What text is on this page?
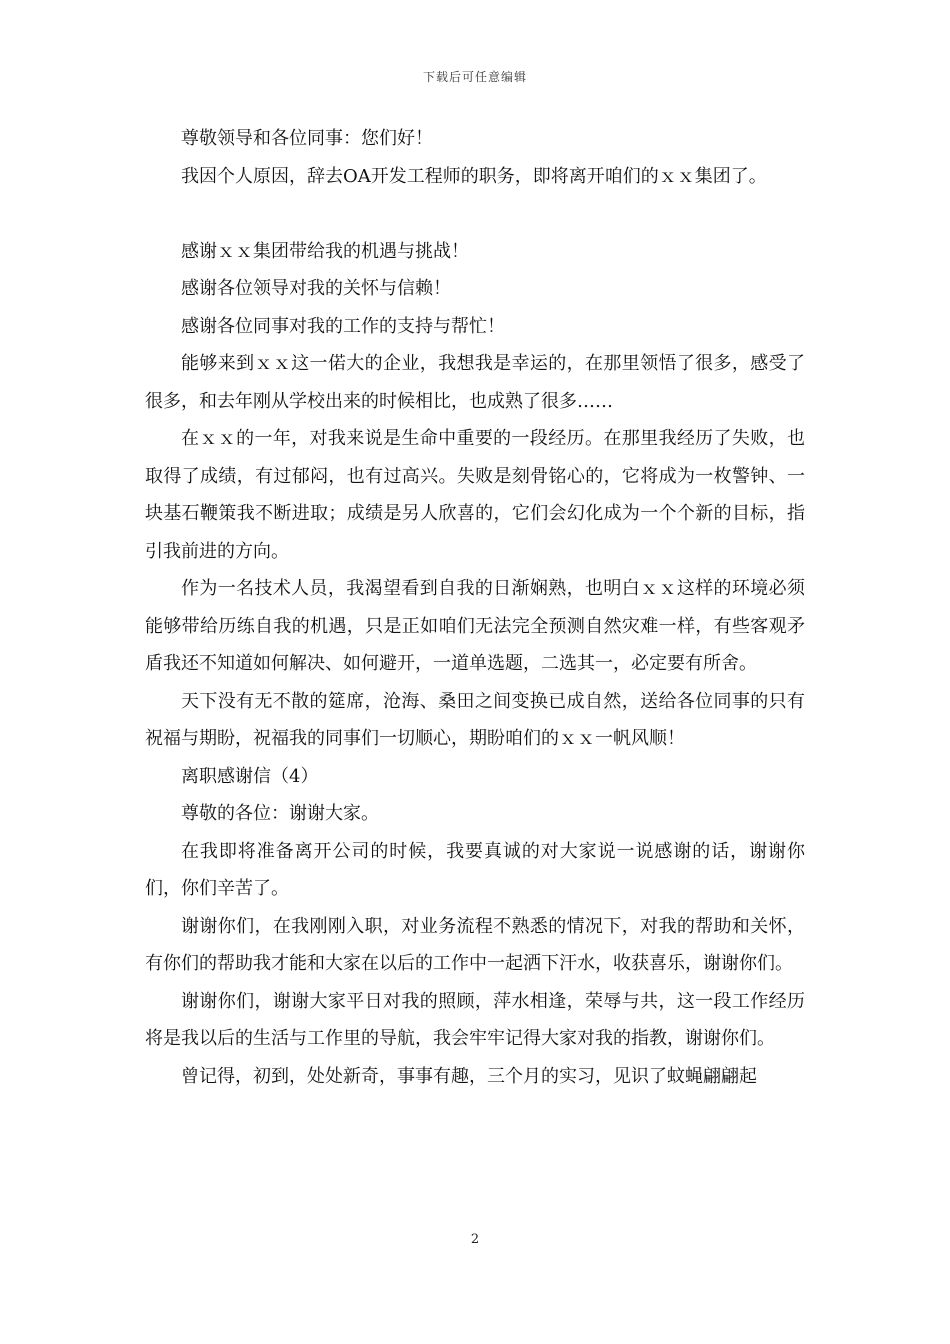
下载后可任意编辑

尊敬领导和各位同事：您们好！

我因个人原因，辞去OA开发工程师的职务，即将离开咱们的ｘｘ集团了。

感谢ｘｘ集团带给我的机遇与挑战！

感谢各位领导对我的关怀与信赖！

感谢各位同事对我的工作的支持与帮忙！

能够来到ｘｘ这一偌大的企业，我想我是幸运的，在那里领悟了很多，感受了很多，和去年刚从学校出来的时候相比，也成熟了很多……

在ｘｘ的一年，对我来说是生命中重要的一段经历。在那里我经历了失败，也取得了成绩，有过郁闷，也有过高兴。失败是刻骨铭心的，它将成为一枚警钟、一块基石鞭策我不断进取；成绩是另人欣喜的，它们会幻化成为一个个新的目标，指引我前进的方向。

作为一名技术人员，我渴望看到自我的日渐娴熟，也明白ｘｘ这样的环境必须能够带给历练自我的机遇，只是正如咱们无法完全预测自然灾难一样，有些客观矛盾我还不知道如何解决、如何避开，一道单选题，二选其一，必定要有所舍。

天下没有无不散的筵席，沧海、桑田之间变换已成自然，送给各位同事的只有祝福与期盼，祝福我的同事们一切顺心，期盼咱们的ｘｘ一帆风顺！

离职感谢信（4）

尊敬的各位：谢谢大家。

在我即将准备离开公司的时候，我要真诚的对大家说一说感谢的话，谢谢你们，你们辛苦了。

谢谢你们，在我刚刚入职，对业务流程不熟悉的情况下，对我的帮助和关怀，有你们的帮助我才能和大家在以后的工作中一起洒下汗水，收获喜乐，谢谢你们。

谢谢你们，谢谢大家平日对我的照顾，萍水相逢，荣辱与共，这一段工作经历将是我以后的生活与工作里的导航，我会牢牢记得大家对我的指教，谢谢你们。

曾记得，初到，处处新奇，事事有趣，三个月的实习，见识了蚊蝇翩翩起

2
